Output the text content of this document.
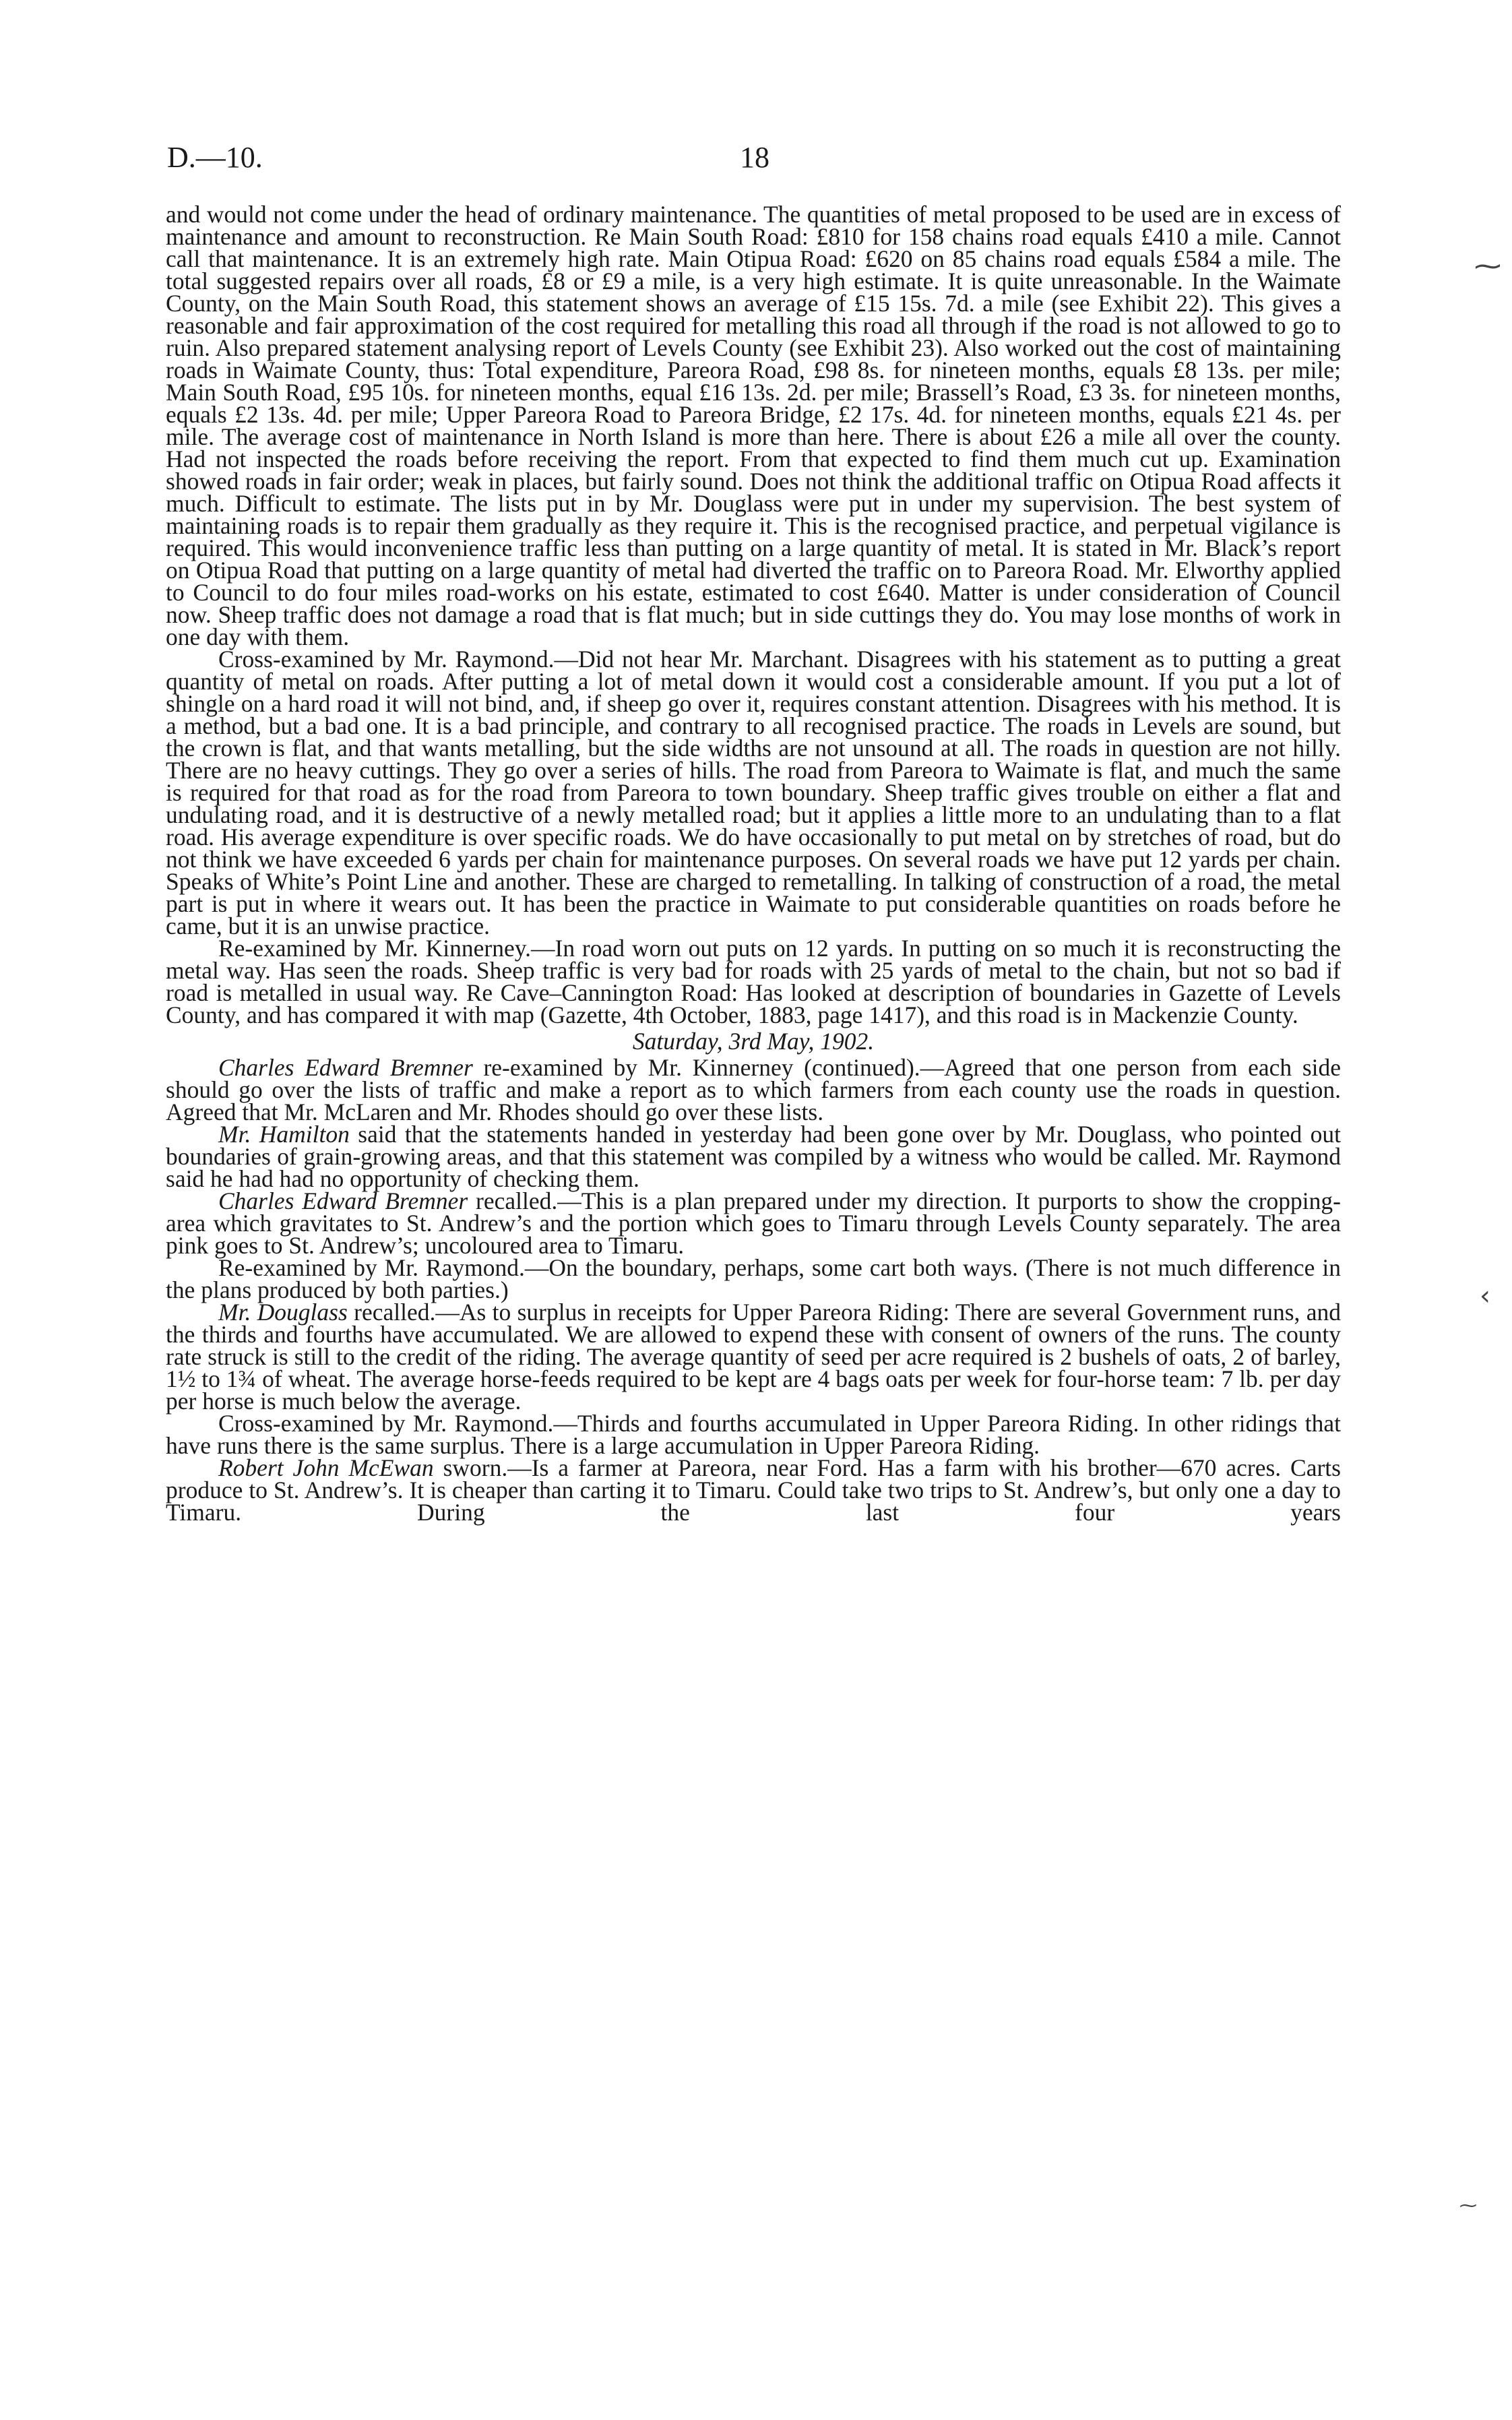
D.—10.	18

and would not come under the head of ordinary maintenance. The quantities of metal proposed to be used are in excess of maintenance and amount to reconstruction. Re Main South Road: £810 for 158 chains road equals £410 a mile. Cannot call that maintenance. It is an extremely high rate. Main Otipua Road: £620 on 85 chains road equals £584 a mile. The total suggested repairs over all roads, £8 or £9 a mile, is a very high estimate. It is quite unreasonable. In the Waimate County, on the Main South Road, this statement shows an average of £15 15s. 7d. a mile (see Exhibit 22). This gives a reasonable and fair approximation of the cost required for metalling this road all through if the road is not allowed to go to ruin. Also prepared statement analysing report of Levels County (see Exhibit 23). Also worked out the cost of maintaining roads in Waimate County, thus: Total expenditure, Pareora Road, £98 8s. for nineteen months, equals £8 13s. per mile; Main South Road, £95 10s. for nineteen months, equal £16 13s. 2d. per mile; Brassell’s Road, £3 3s. for nineteen months, equals £2 13s. 4d. per mile; Upper Pareora Road to Pareora Bridge, £2 17s. 4d. for nineteen months, equals £21 4s. per mile. The average cost of maintenance in North Island is more than here. There is about £26 a mile all over the county. Had not inspected the roads before receiving the report. From that expected to find them much cut up. Examination showed roads in fair order; weak in places, but fairly sound. Does not think the additional traffic on Otipua Road affects it much. Difficult to estimate. The lists put in by Mr. Douglass were put in under my supervision. The best system of maintaining roads is to repair them gradually as they require it. This is the recognised practice, and perpetual vigilance is required. This would inconvenience traffic less than putting on a large quantity of metal. It is stated in Mr. Black’s report on Otipua Road that putting on a large quantity of metal had diverted the traffic on to Pareora Road. Mr. Elworthy applied to Council to do four miles road-works on his estate, estimated to cost £640. Matter is under consideration of Council now. Sheep traffic does not damage a road that is flat much; but in side cuttings they do. You may lose months of work in one day with them.

Cross-examined by Mr. Raymond.—Did not hear Mr. Marchant. Disagrees with his statement as to putting a great quantity of metal on roads. After putting a lot of metal down it would cost a considerable amount. If you put a lot of shingle on a hard road it will not bind, and, if sheep go over it, requires constant attention. Disagrees with his method. It is a method, but a bad one. It is a bad principle, and contrary to all recognised practice. The roads in Levels are sound, but the crown is flat, and that wants metalling, but the side widths are not unsound at all. The roads in question are not hilly. There are no heavy cuttings. They go over a series of hills. The road from Pareora to Waimate is flat, and much the same is required for that road as for the road from Pareora to town boundary. Sheep traffic gives trouble on either a flat and undulating road, and it is destructive of a newly metalled road; but it applies a little more to an undulating than to a flat road. His average expenditure is over specific roads. We do have occasionally to put metal on by stretches of road, but do not think we have exceeded 6 yards per chain for maintenance purposes. On several roads we have put 12 yards per chain. Speaks of White’s Point Line and another. These are charged to remetalling. In talking of construction of a road, the metal part is put in where it wears out. It has been the practice in Waimate to put considerable quantities on roads before he came, but it is an unwise practice.

Re-examined by Mr. Kinnerney.—In road worn out puts on 12 yards. In putting on so much it is reconstructing the metal way. Has seen the roads. Sheep traffic is very bad for roads with 25 yards of metal to the chain, but not so bad if road is metalled in usual way. Re Cave–Cannington Road: Has looked at description of boundaries in Gazette of Levels County, and has compared it with map (Gazette, 4th October, 1883, page 1417), and this road is in Mackenzie County.

Saturday, 3rd May, 1902.

Charles Edward Bremner re-examined by Mr. Kinnerney (continued).—Agreed that one person from each side should go over the lists of traffic and make a report as to which farmers from each county use the roads in question. Agreed that Mr. McLaren and Mr. Rhodes should go over these lists.

Mr. Hamilton said that the statements handed in yesterday had been gone over by Mr. Douglass, who pointed out boundaries of grain-growing areas, and that this statement was compiled by a witness who would be called. Mr. Raymond said he had had no opportunity of checking them.

Charles Edward Bremner recalled.—This is a plan prepared under my direction. It purports to show the cropping-area which gravitates to St. Andrew’s and the portion which goes to Timaru through Levels County separately. The area pink goes to St. Andrew’s; uncoloured area to Timaru.

Re-examined by Mr. Raymond.—On the boundary, perhaps, some cart both ways. (There is not much difference in the plans produced by both parties.)

Mr. Douglass recalled.—As to surplus in receipts for Upper Pareora Riding: There are several Government runs, and the thirds and fourths have accumulated. We are allowed to expend these with consent of owners of the runs. The county rate struck is still to the credit of the riding. The average quantity of seed per acre required is 2 bushels of oats, 2 of barley, 1½ to 1¾ of wheat. The average horse-feeds required to be kept are 4 bags oats per week for four-horse team: 7 lb. per day per horse is much below the average.

Cross-examined by Mr. Raymond.—Thirds and fourths accumulated in Upper Pareora Riding. In other ridings that have runs there is the same surplus. There is a large accumulation in Upper Pareora Riding.

Robert John McEwan sworn.—Is a farmer at Pareora, near Ford. Has a farm with his brother—670 acres. Carts produce to St. Andrew’s. It is cheaper than carting it to Timaru. Could take two trips to St. Andrew’s, but only one a day to Timaru. During the last four years

⁓
‹
⁓
